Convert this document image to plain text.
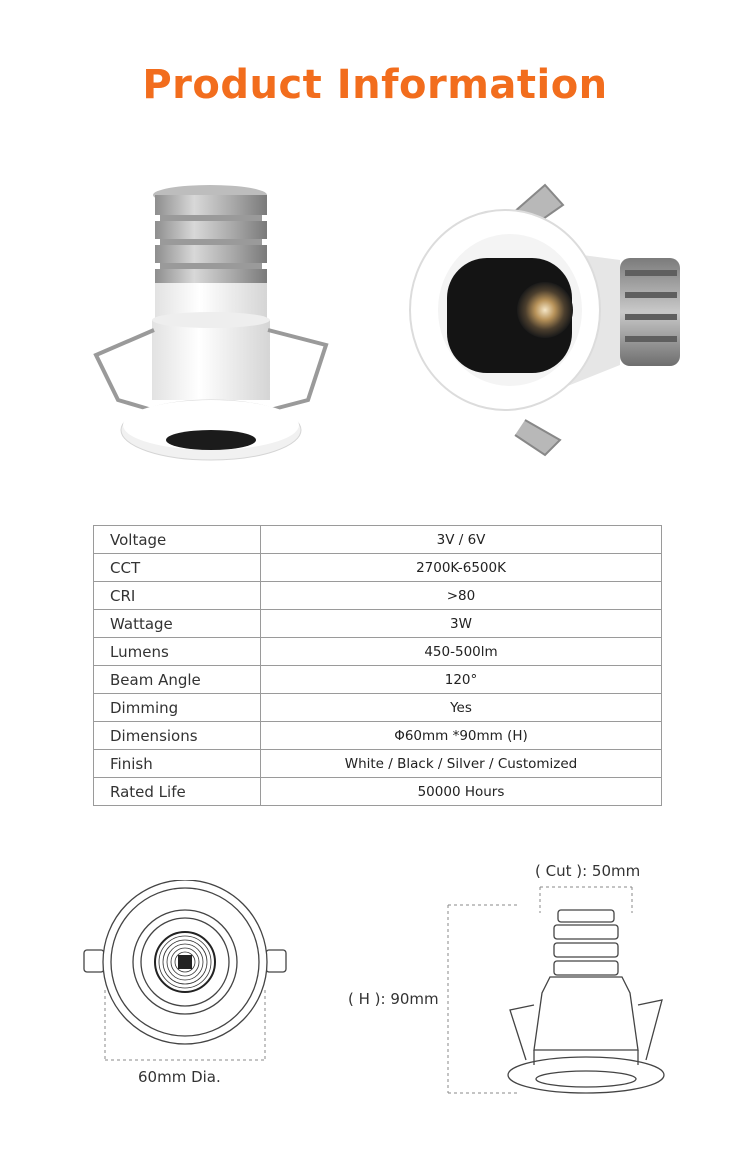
Product Information
Voltage	3V / 6V
CCT	2700K-6500K
CRI	>80
Wattage	3W
Lumens	450-500lm
Beam Angle	120°
Dimming	Yes
Dimensions	Φ60mm *90mm (H)
Finish	White / Black / Silver / Customized
Rated Life	50000 Hours
60mm Dia.
( Cut ): 50mm
( H ): 90mm
